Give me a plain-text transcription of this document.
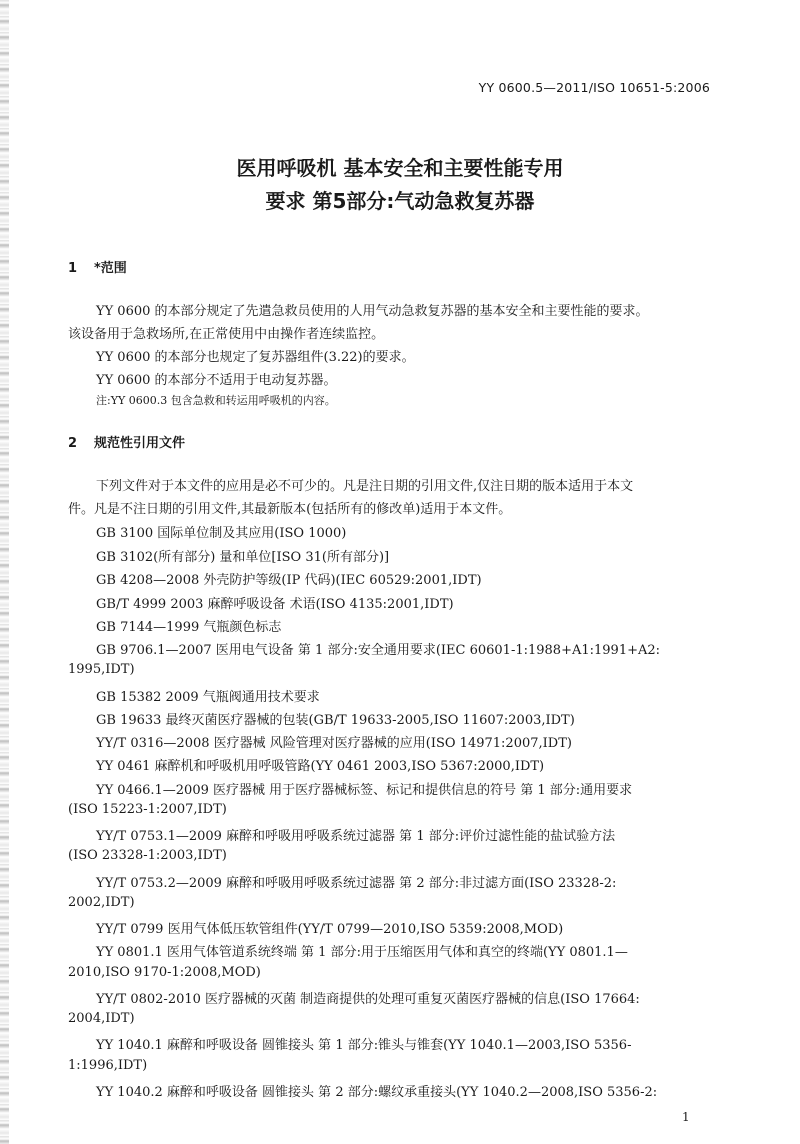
YY 0600.5—2011/ISO 10651-5:2006
医用呼吸机 基本安全和主要性能专用
要求 第5部分:气动急救复苏器
1 *范围
YY 0600 的本部分规定了先遣急救员使用的人用气动急救复苏器的基本安全和主要性能的要求。
该设备用于急救场所,在正常使用中由操作者连续监控。
YY 0600 的本部分也规定了复苏器组件(3.22)的要求。
YY 0600 的本部分不适用于电动复苏器。
注:YY 0600.3 包含急救和转运用呼吸机的内容。
2 规范性引用文件
下列文件对于本文件的应用是必不可少的。凡是注日期的引用文件,仅注日期的版本适用于本文
件。凡是不注日期的引用文件,其最新版本(包括所有的修改单)适用于本文件。
GB 3100 国际单位制及其应用(ISO 1000)
GB 3102(所有部分) 量和单位[ISO 31(所有部分)]
GB 4208—2008 外壳防护等级(IP 代码)(IEC 60529:2001,IDT)
GB/T 4999 2003 麻醉呼吸设备 术语(ISO 4135:2001,IDT)
GB 7144—1999 气瓶颜色标志
GB 9706.1—2007 医用电气设备 第 1 部分:安全通用要求(IEC 60601-1:1988+A1:1991+A2:
1995,IDT)
GB 15382 2009 气瓶阀通用技术要求
GB 19633 最终灭菌医疗器械的包装(GB/T 19633-2005,ISO 11607:2003,IDT)
YY/T 0316—2008 医疗器械 风险管理对医疗器械的应用(ISO 14971:2007,IDT)
YY 0461 麻醉机和呼吸机用呼吸管路(YY 0461 2003,ISO 5367:2000,IDT)
YY 0466.1—2009 医疗器械 用于医疗器械标签、标记和提供信息的符号 第 1 部分:通用要求
(ISO 15223-1:2007,IDT)
YY/T 0753.1—2009 麻醉和呼吸用呼吸系统过滤器 第 1 部分:评价过滤性能的盐试验方法
(ISO 23328-1:2003,IDT)
YY/T 0753.2—2009 麻醉和呼吸用呼吸系统过滤器 第 2 部分:非过滤方面(ISO 23328-2:
2002,IDT)
YY/T 0799 医用气体低压软管组件(YY/T 0799—2010,ISO 5359:2008,MOD)
YY 0801.1 医用气体管道系统终端 第 1 部分:用于压缩医用气体和真空的终端(YY 0801.1—
2010,ISO 9170-1:2008,MOD)
YY/T 0802-2010 医疗器械的灭菌 制造商提供的处理可重复灭菌医疗器械的信息(ISO 17664:
2004,IDT)
YY 1040.1 麻醉和呼吸设备 圆锥接头 第 1 部分:锥头与锥套(YY 1040.1—2003,ISO 5356-
1:1996,IDT)
YY 1040.2 麻醉和呼吸设备 圆锥接头 第 2 部分:螺纹承重接头(YY 1040.2—2008,ISO 5356-2:
1
